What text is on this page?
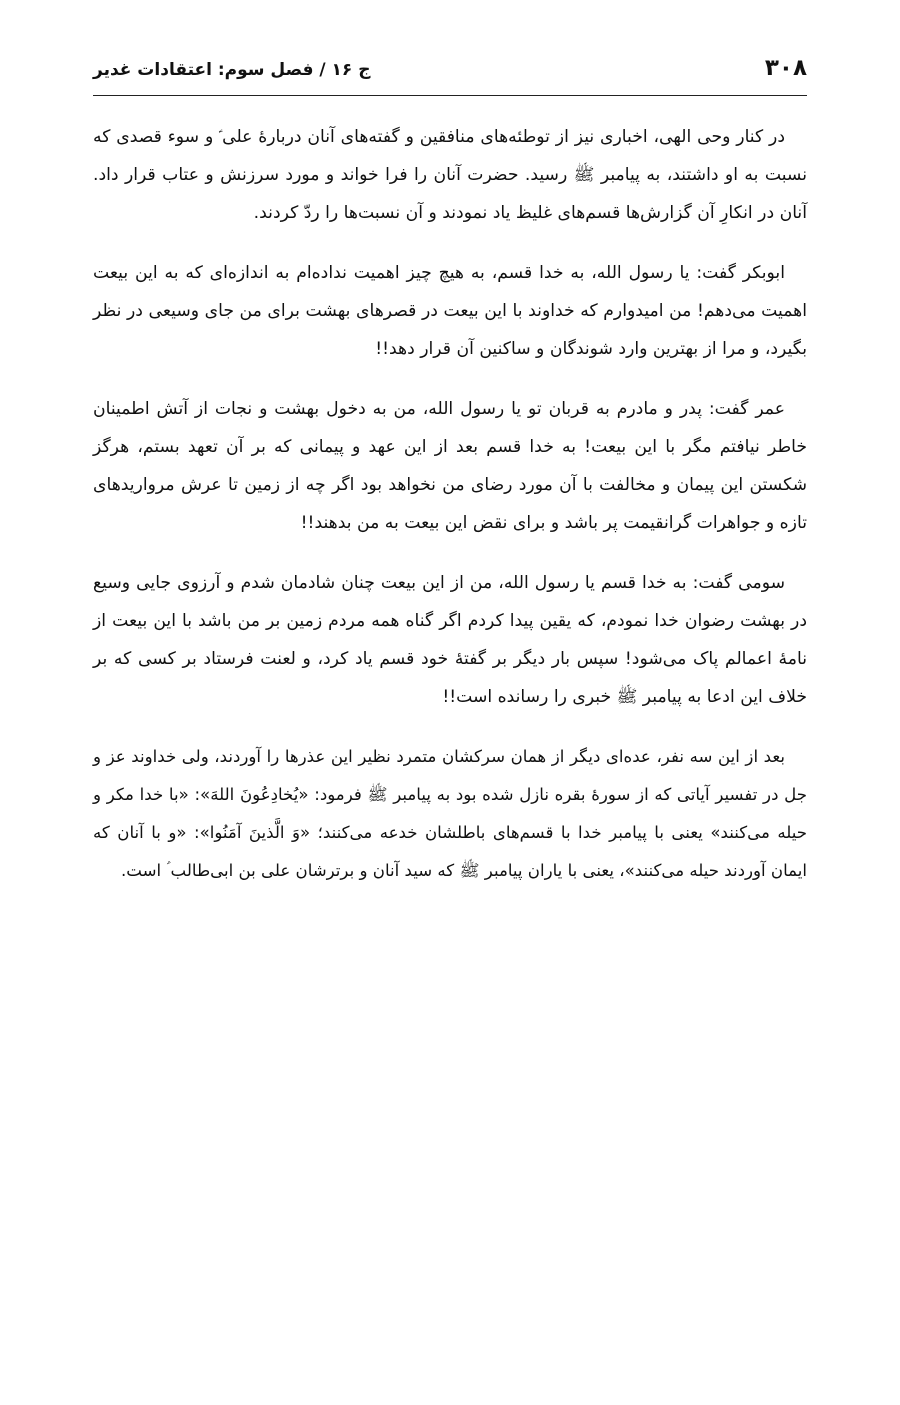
۳۰۸
ج ۱۶ / فصل سوم: اعتقادات غدیر

در کنار وحی الهی، اخباری نیز از توطئه‌های منافقین و گفته‌های آنان دربارۀ علی ؑ و سوء قصدی که نسبت به او داشتند، به پیامبر ﷺ رسید. حضرت آنان را فرا خواند و مورد سرزنش و عتاب قرار داد. آنان در انکارِ آن گزارش‌ها قسم‌های غلیظ یاد نمودند و آن نسبت‌ها را ردّ کردند.

ابوبکر گفت: یا رسول الله، به خدا قسم، به هیچ چیز اهمیت نداده‌ام به اندازه‌ای که به این بیعت اهمیت می‌دهم! من امیدوارم که خداوند با این بیعت در قصرهای بهشت برای من جای وسیعی در نظر بگیرد، و مرا از بهترین وارد شوندگان و ساکنین آن قرار دهد!!

عمر گفت: پدر و مادرم به قربان تو یا رسول الله، من به دخول بهشت و نجات از آتش اطمینان خاطر نیافتم مگر با این بیعت! به خدا قسم بعد از این عهد و پیمانی که بر آن تعهد بستم، هرگز شکستن این پیمان و مخالفت با آن مورد رضای من نخواهد بود اگر چه از زمین تا عرش مرواریدهای تازه و جواهرات گرانقیمت پر باشد و برای نقض این بیعت به من بدهند!!

سومی گفت: به خدا قسم یا رسول الله، من از این بیعت چنان شادمان شدم و آرزوی جایی وسیع در بهشت رضوان خدا نمودم، که یقین پیدا کردم اگر گناه همه مردم زمین بر من باشد با این بیعت از نامۀ اعمالم پاک می‌شود! سپس بار دیگر بر گفتۀ خود قسم یاد کرد، و لعنت فرستاد بر کسی که بر خلاف این ادعا به پیامبر ﷺ خبری را رسانده است!!

بعد از این سه نفر، عده‌ای دیگر از همان سرکشان متمرد نظیر این عذرها را آوردند، ولی خداوند عز و جل در تفسیر آیاتی که از سورۀ بقره نازل شده بود به پیامبر ﷺ فرمود: «یُخادِعُونَ اللهَ»: «با خدا مکر و حیله می‌کنند» یعنی با پیامبر خدا با قسم‌های باطلشان خدعه می‌کنند؛ «وَ الَّذینَ آمَنُوا»: «و با آنان که ایمان آوردند حیله می‌کنند»، یعنی با یاران پیامبر ﷺ که سید آنان و برترشان علی بن ابی‌طالب ؑ است.
